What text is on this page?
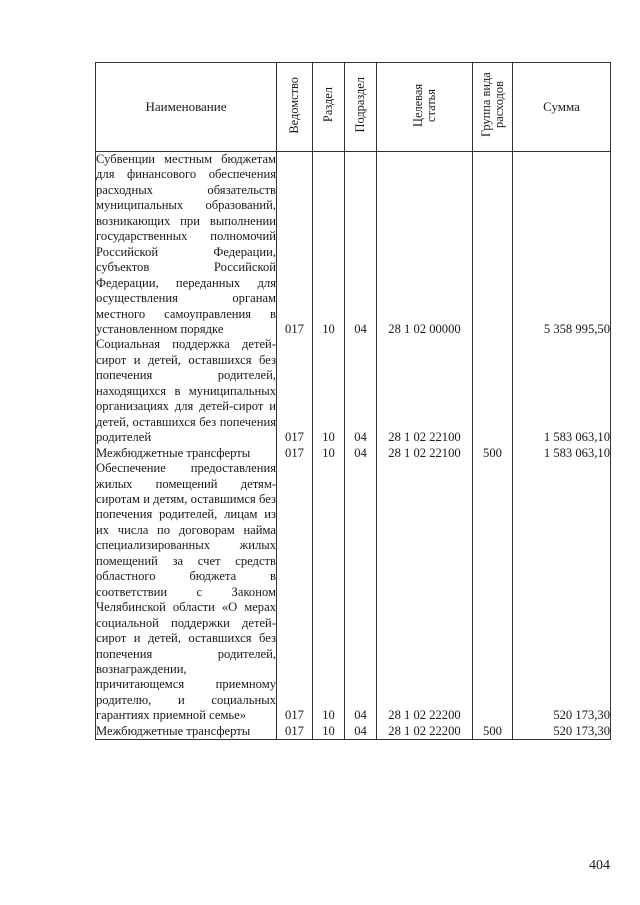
Наименование	Ведомство	Раздел	Подраздел	Целевая статья	Группа вида расходов	Сумма
Субвенции местным бюджетам для финансового обеспечения расходных обязательств муниципальных образований, возникающих при выполнении государственных полномочий Российской Федерации, субъектов Российской Федерации, переданных для осуществления органам местного самоуправления в установленном порядке	017	10	04	28 1 02 00000		5 358 995,50
Социальная поддержка детей-сирот и детей, оставшихся без попечения родителей, находящихся в муниципальных организациях для детей-сирот и детей, оставшихся без попечения родителей	017	10	04	28 1 02 22100		1 583 063,10
Межбюджетные трансферты	017	10	04	28 1 02 22100	500	1 583 063,10
Обеспечение предоставления жилых помещений детям-сиротам и детям, оставшимся без попечения родителей, лицам из их числа по договорам найма специализированных жилых помещений за счет средств областного бюджета в соответствии с Законом Челябинской области «О мерах социальной поддержки детей-сирот и детей, оставшихся без попечения родителей, вознаграждении, причитающемся приемному родителю, и социальных гарантиях приемной семье»	017	10	04	28 1 02 22200		520 173,30
Межбюджетные трансферты	017	10	04	28 1 02 22200	500	520 173,30
404
